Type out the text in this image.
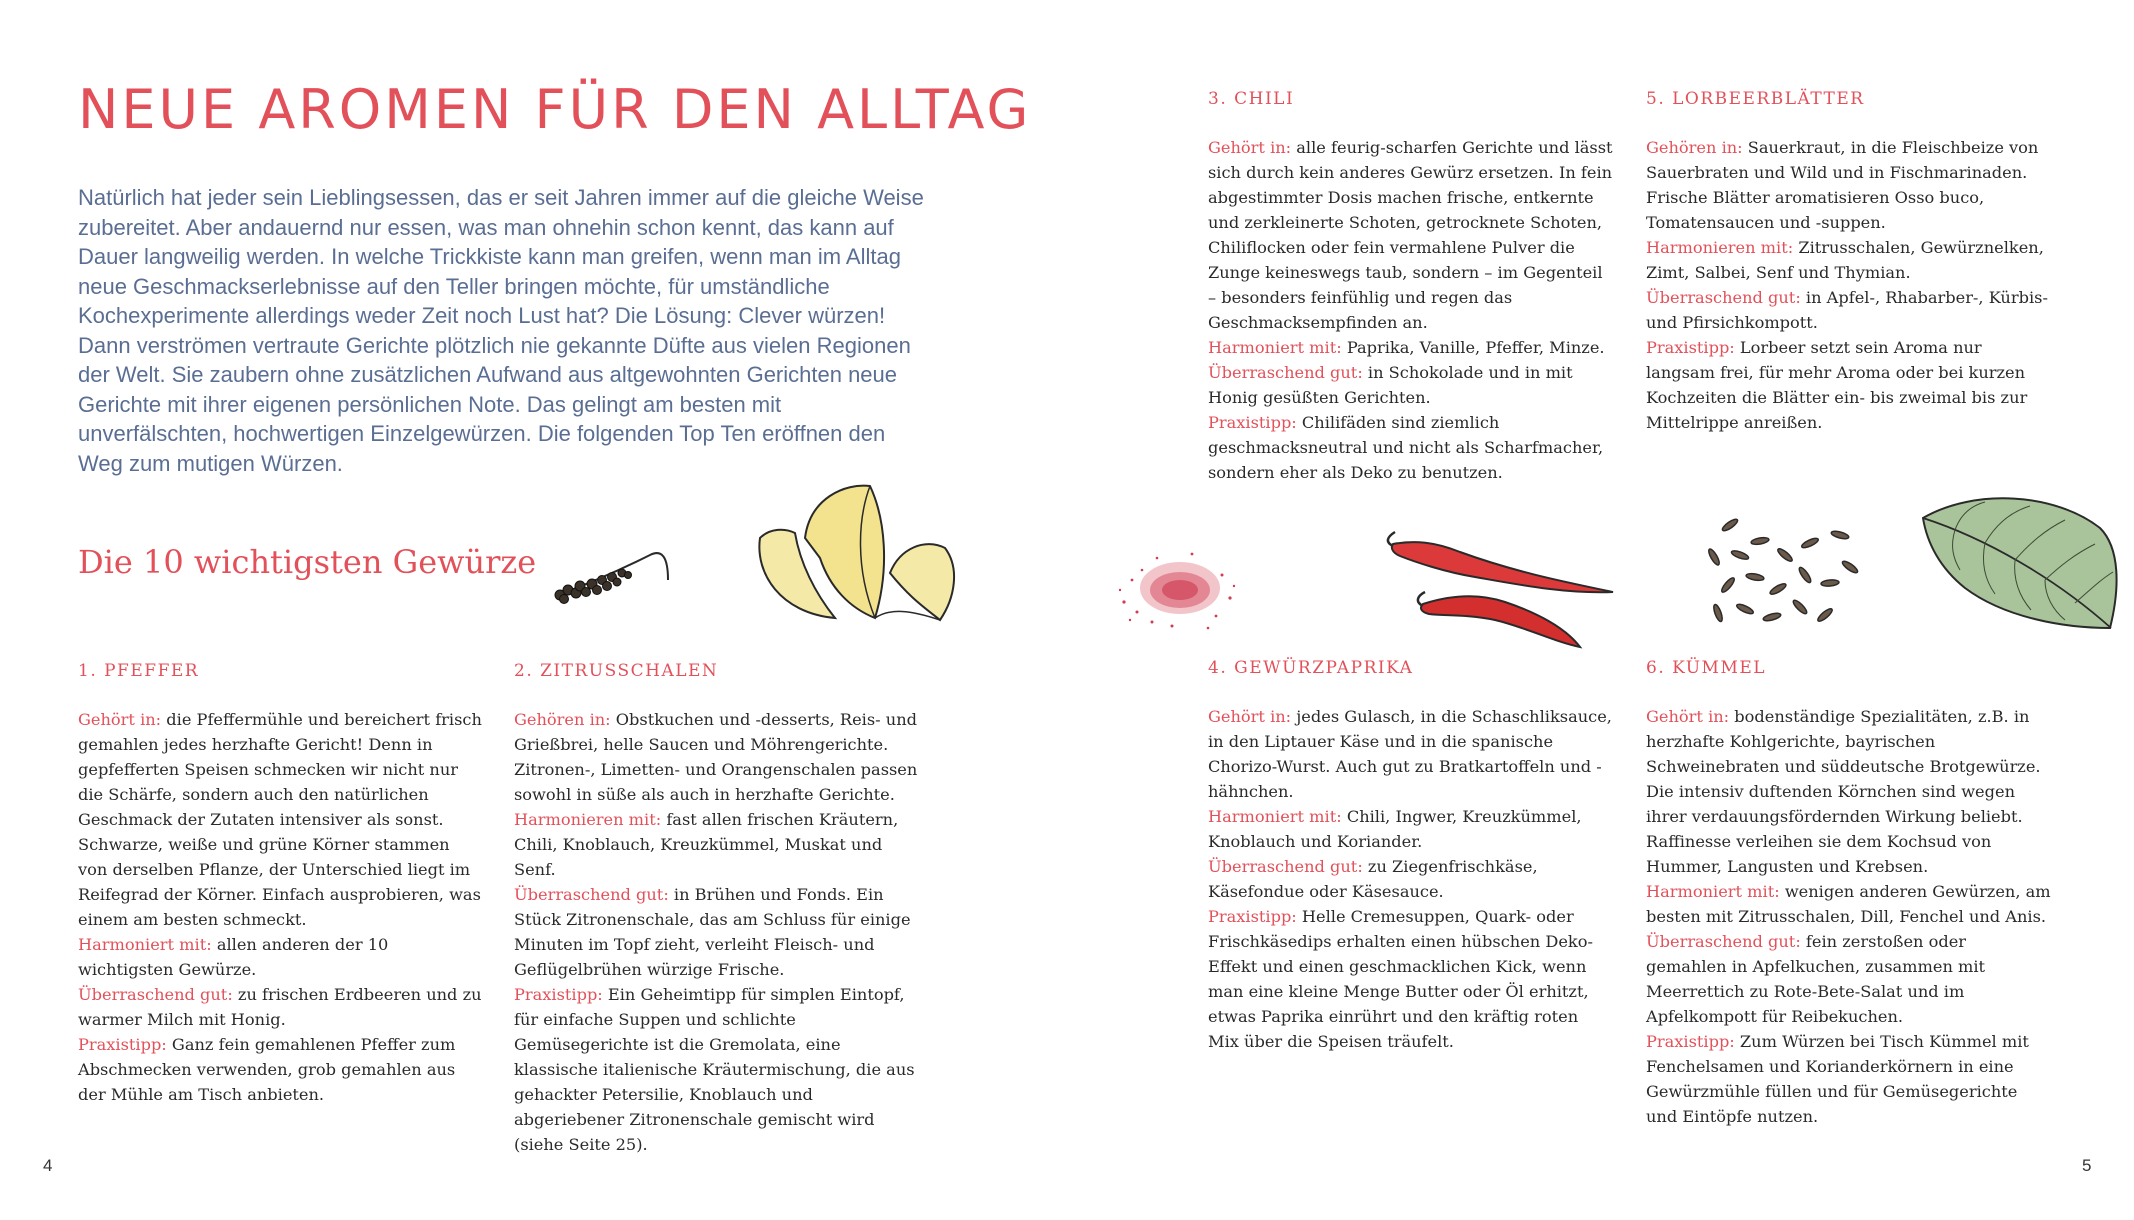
NEUE AROMEN FÜR DEN ALLTAG

Natürlich hat jeder sein Lieblingsessen, das er seit Jahren immer auf die gleiche Weise zubereitet. Aber andauernd nur essen, was man ohnehin schon kennt, das kann auf Dauer langweilig werden. In welche Trickkiste kann man greifen, wenn man im Alltag neue Geschmackserlebnisse auf den Teller bringen möchte, für umständliche Kochexperimente allerdings weder Zeit noch Lust hat? Die Lösung: Clever würzen! Dann verströmen vertraute Gerichte plötzlich nie gekannte Düfte aus vielen Regionen der Welt. Sie zaubern ohne zusätzlichen Aufwand aus altgewohnten Gerichten neue Gerichte mit ihrer eigenen persönlichen Note. Das gelingt am besten mit unverfälschten, hochwertigen Einzelgewürzen. Die folgenden Top Ten eröffnen den Weg zum mutigen Würzen.

Die 10 wichtigsten Gewürze
1. PFEFFER

Gehört in: die Pfeffermühle und bereichert frisch gemahlen jedes herzhafte Gericht! Denn in gepfefferten Speisen schmecken wir nicht nur die Schärfe, sondern auch den natürlichen Geschmack der Zutaten intensiver als sonst. Schwarze, weiße und grüne Körner stammen von derselben Pflanze, der Unterschied liegt im Reifegrad der Körner. Einfach ausprobieren, was einem am besten schmeckt.
Harmoniert mit: allen anderen der 10 wichtigsten Gewürze.
Überraschend gut: zu frischen Erdbeeren und zu warmer Milch mit Honig.
Praxistipp: Ganz fein gemahlenen Pfeffer zum Abschmecken verwenden, grob gemahlen aus der Mühle am Tisch anbieten.

2. ZITRUSSCHALEN

Gehören in: Obstkuchen und -desserts, Reis- und Grießbrei, helle Saucen und Möhrengerichte. Zitronen-, Limetten- und Orangenschalen passen sowohl in süße als auch in herzhafte Gerichte.
Harmonieren mit: fast allen frischen Kräutern, Chili, Knoblauch, Kreuzkümmel, Muskat und Senf.
Überraschend gut: in Brühen und Fonds. Ein Stück Zitronenschale, das am Schluss für einige Minuten im Topf zieht, verleiht Fleisch- und Geflügelbrühen würzige Frische.
Praxistipp: Ein Geheimtipp für simplen Eintopf, für einfache Suppen und schlichte Gemüsegerichte ist die Gremolata, eine klassische italienische Kräutermischung, die aus gehackter Petersilie, Knoblauch und abgeriebener Zitronenschale gemischt wird (siehe Seite 25).

3. CHILI

Gehört in: alle feurig-scharfen Gerichte und lässt sich durch kein anderes Gewürz ersetzen. In fein abgestimmter Dosis machen frische, entkernte und zerkleinerte Schoten, getrocknete Schoten, Chiliflocken oder fein vermahlene Pulver die Zunge keineswegs taub, sondern – im Gegenteil – besonders feinfühlig und regen das Geschmacksempfinden an.
Harmoniert mit: Paprika, Vanille, Pfeffer, Minze.
Überraschend gut: in Schokolade und in mit Honig gesüßten Gerichten.
Praxistipp: Chilifäden sind ziemlich geschmacksneutral und nicht als Scharfmacher, sondern eher als Deko zu benutzen.

4. GEWÜRZPAPRIKA

Gehört in: jedes Gulasch, in die Schaschliksauce, in den Liptauer Käse und in die spanische Chorizo-Wurst. Auch gut zu Bratkartoffeln und -hähnchen.
Harmoniert mit: Chili, Ingwer, Kreuzkümmel, Knoblauch und Koriander.
Überraschend gut: zu Ziegenfrischkäse, Käsefondue oder Käsesauce.
Praxistipp: Helle Cremesuppen, Quark- oder Frischkäsedips erhalten einen hübschen Deko-Effekt und einen geschmacklichen Kick, wenn man eine kleine Menge Butter oder Öl erhitzt, etwas Paprika einrührt und den kräftig roten Mix über die Speisen träufelt.

5. LORBEERBLÄTTER

Gehören in: Sauerkraut, in die Fleischbeize von Sauerbraten und Wild und in Fischmarinaden. Frische Blätter aromatisieren Osso buco, Tomatensaucen und -suppen.
Harmonieren mit: Zitrusschalen, Gewürznelken, Zimt, Salbei, Senf und Thymian.
Überraschend gut: in Apfel-, Rhabarber-, Kürbis- und Pfirsichkompott.
Praxistipp: Lorbeer setzt sein Aroma nur langsam frei, für mehr Aroma oder bei kurzen Kochzeiten die Blätter ein- bis zweimal bis zur Mittelrippe anreißen.

6. KÜMMEL

Gehört in: bodenständige Spezialitäten, z.B. in herzhafte Kohlgerichte, bayrischen Schweinebraten und süddeutsche Brotgewürze. Die intensiv duftenden Körnchen sind wegen ihrer verdauungsfördernden Wirkung beliebt. Raffinesse verleihen sie dem Kochsud von Hummer, Langusten und Krebsen.
Harmoniert mit: wenigen anderen Gewürzen, am besten mit Zitrusschalen, Dill, Fenchel und Anis.
Überraschend gut: fein zerstoßen oder gemahlen in Apfelkuchen, zusammen mit Meerrettich zu Rote-Bete-Salat und im Apfelkompott für Reibekuchen.
Praxistipp: Zum Würzen bei Tisch Kümmel mit Fenchelsamen und Korianderkörnern in eine Gewürzmühle füllen und für Gemüsegerichte und Eintöpfe nutzen.

4	5
